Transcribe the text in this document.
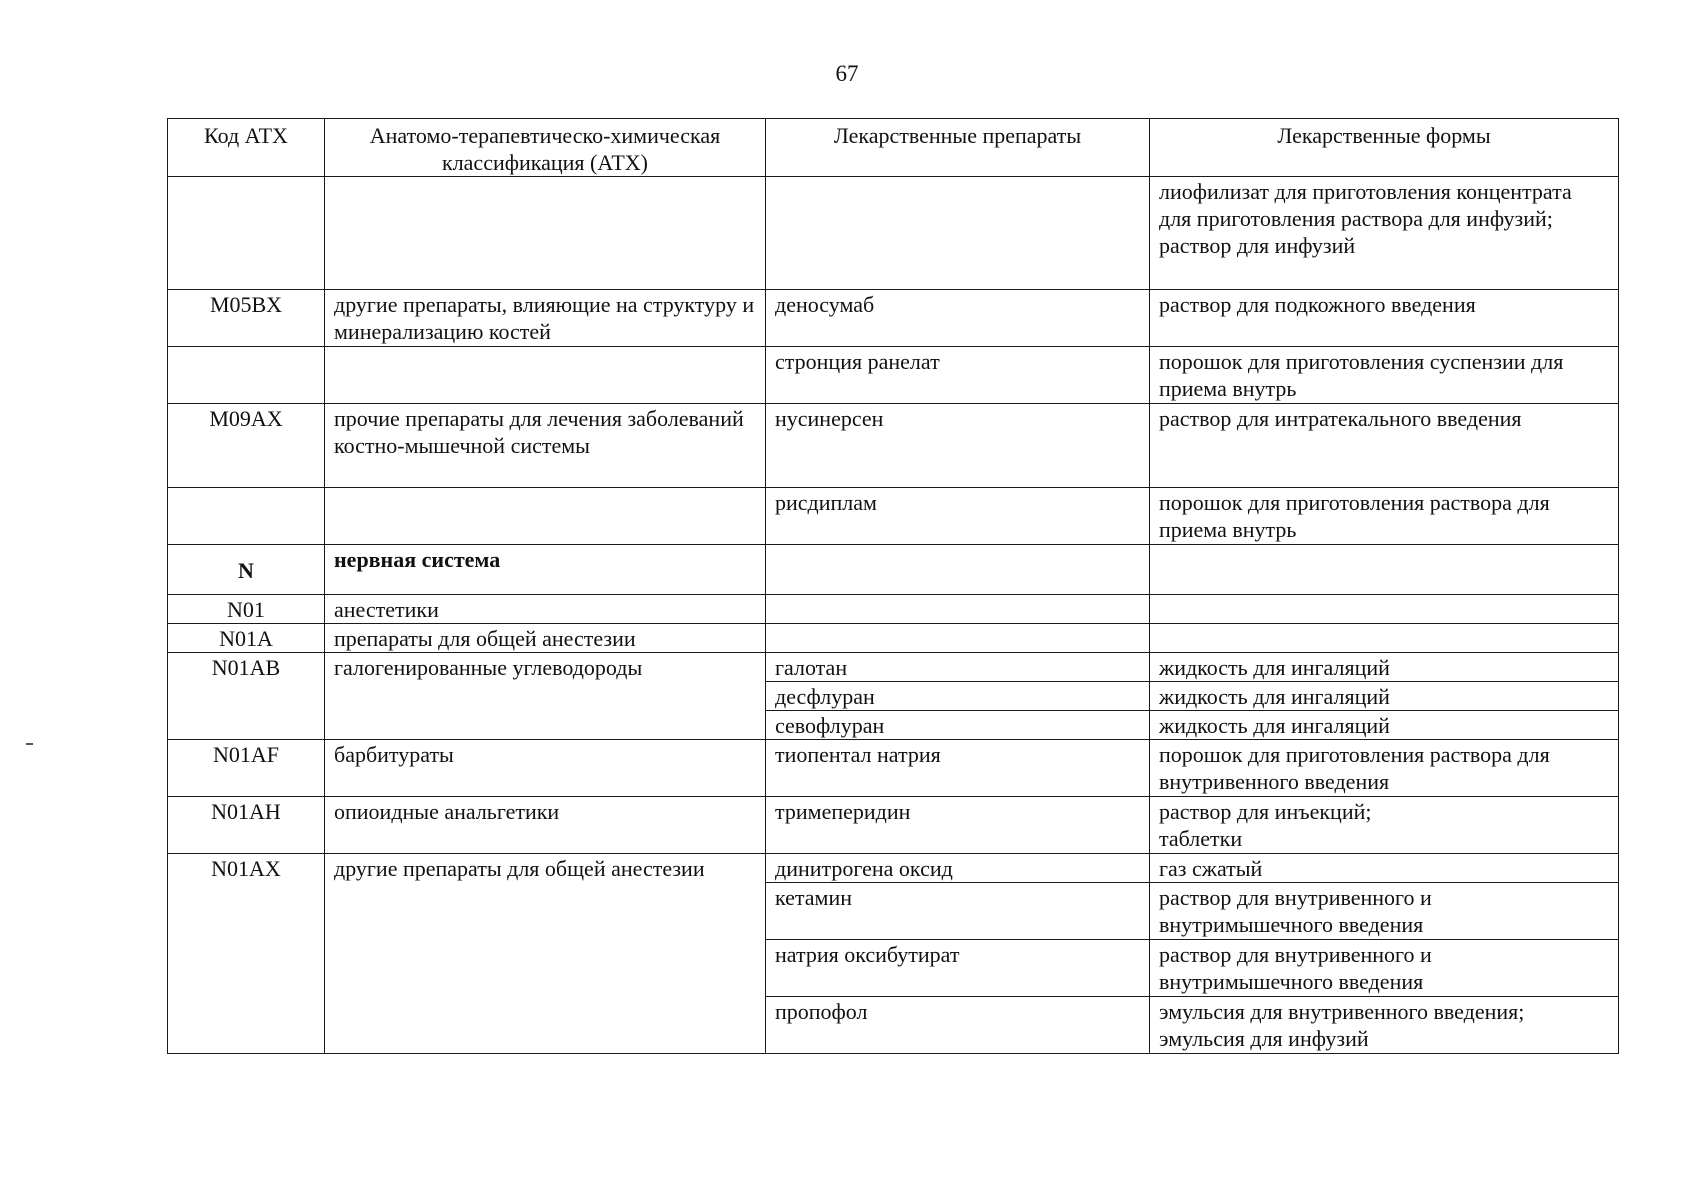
67
Код АТХ	Анатомо-терапевтическо-химическая классификация (АТХ)	Лекарственные препараты	Лекарственные формы
			лиофилизат для приготовления концентрата для приготовления раствора для инфузий;
раствор для инфузий
M05BX	другие препараты, влияющие на структуру и минерализацию костей	деносумаб	раствор для подкожного введения
		стронция ранелат	порошок для приготовления суспензии для приема внутрь
M09AX	прочие препараты для лечения заболеваний костно-мышечной системы	нусинерсен	раствор для интратекального введения
		рисдиплам	порошок для приготовления раствора для приема внутрь
N	нервная система		
N01	анестетики		
N01A	препараты для общей анестезии		
N01AB	галогенированные углеводороды	галотан	жидкость для ингаляций
		десфлуран	жидкость для ингаляций
		севофлуран	жидкость для ингаляций
N01AF	барбитураты	тиопентал натрия	порошок для приготовления раствора для внутривенного введения
N01AH	опиоидные анальгетики	тримеперидин	раствор для инъекций;
таблетки
N01AX	другие препараты для общей анестезии	динитрогена оксид	газ сжатый
		кетамин	раствор для внутривенного и внутримышечного введения
		натрия оксибутират	раствор для внутривенного и внутримышечного введения
		пропофол	эмульсия для внутривенного введения;
эмульсия для инфузий
